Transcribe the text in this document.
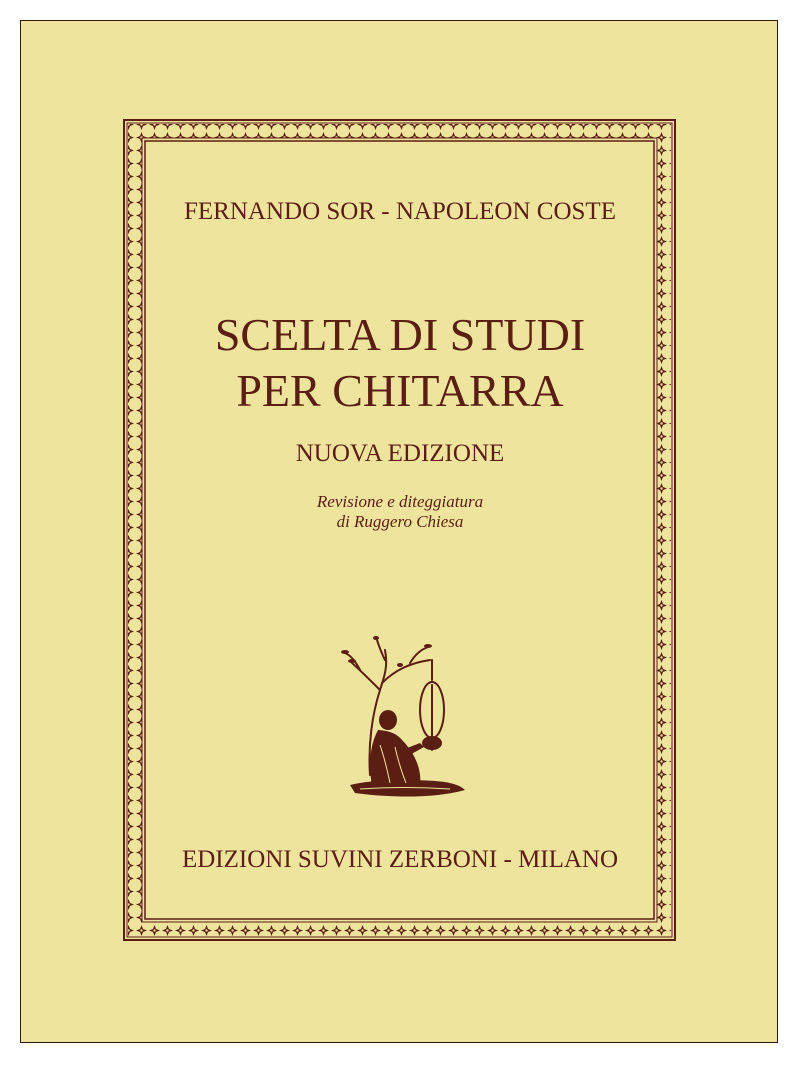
FERNANDO SOR - NAPOLEON COSTE
SCELTA DI STUDI
PER CHITARRA
NUOVA EDIZIONE
Revisione e diteggiatura
di Ruggero Chiesa
EDIZIONI SUVINI ZERBONI - MILANO
